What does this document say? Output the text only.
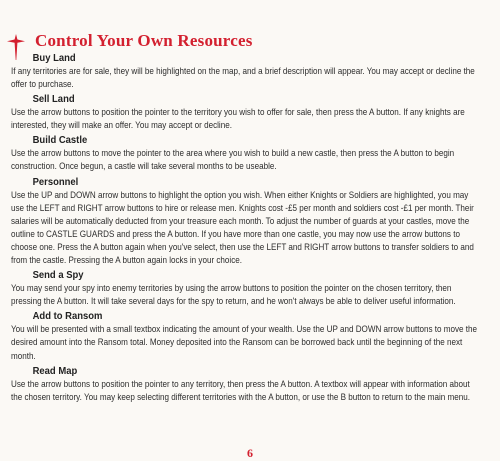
Control Your Own Resources

Buy Land

If any territories are for sale, they will be highlighted on the map, and a brief description will appear. You may accept or decline the offer to purchase.

Sell Land

Use the arrow buttons to position the pointer to the territory you wish to offer for sale, then press the A button. If any knights are interested, they will make an offer. You may accept or decline.

Build Castle

Use the arrow buttons to move the pointer to the area where you wish to build a new castle, then press the A button to begin construction. Once begun, a castle will take several months to be useable.

Personnel

Use the UP and DOWN arrow buttons to highlight the option you wish. When either Knights or Soldiers are highlighted, you may use the LEFT and RIGHT arrow buttons to hire or release men. Knights cost -£5 per month and soldiers cost -£1 per month. Their salaries will be automatically deducted from your treasure each month. To adjust the number of guards at your castles, move the outline to CASTLE GUARDS and press the A button. If you have more than one castle, you may now use the arrow buttons to choose one. Press the A button again when you've select, then use the LEFT and RIGHT arrow buttons to transfer soldiers to and from the castle. Pressing the A button again locks in your choice.

Send a Spy

You may send your spy into enemy territories by using the arrow buttons to position the pointer on the chosen territory, then pressing the A button. It will take several days for the spy to return, and he won't always be able to deliver useful information.

Add to Ransom

You will be presented with a small textbox indicating the amount of your wealth. Use the UP and DOWN arrow buttons to move the desired amount into the Ransom total. Money deposited into the Ransom can be borrowed back until the beginning of the next month.

Read Map

Use the arrow buttons to position the pointer to any territory, then press the A button. A textbox will appear with information about the chosen territory. You may keep selecting different territories with the A button, or use the B button to return to the main menu.

6
